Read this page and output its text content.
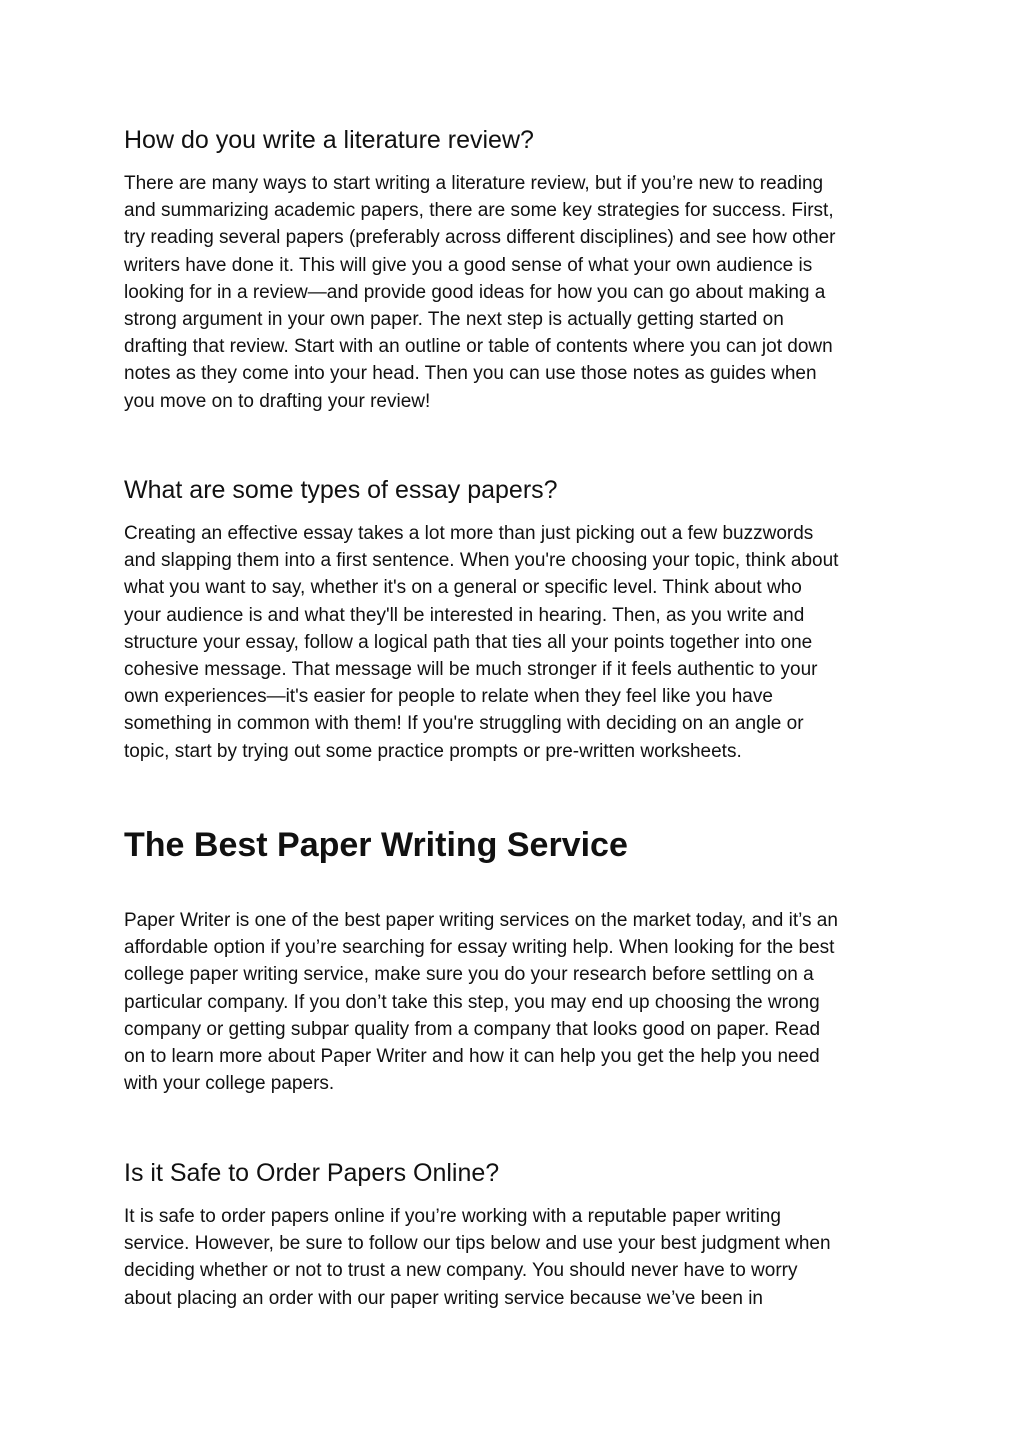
How do you write a literature review?

There are many ways to start writing a literature review, but if you’re new to reading
and summarizing academic papers, there are some key strategies for success. First,
try reading several papers (preferably across different disciplines) and see how other
writers have done it. This will give you a good sense of what your own audience is
looking for in a review—and provide good ideas for how you can go about making a
strong argument in your own paper. The next step is actually getting started on
drafting that review. Start with an outline or table of contents where you can jot down
notes as they come into your head. Then you can use those notes as guides when
you move on to drafting your review!

What are some types of essay papers?

Creating an effective essay takes a lot more than just picking out a few buzzwords
and slapping them into a first sentence. When you're choosing your topic, think about
what you want to say, whether it's on a general or specific level. Think about who
your audience is and what they'll be interested in hearing. Then, as you write and
structure your essay, follow a logical path that ties all your points together into one
cohesive message. That message will be much stronger if it feels authentic to your
own experiences—it's easier for people to relate when they feel like you have
something in common with them! If you're struggling with deciding on an angle or
topic, start by trying out some practice prompts or pre-written worksheets.

The Best Paper Writing Service

Paper Writer is one of the best paper writing services on the market today, and it’s an
affordable option if you’re searching for essay writing help. When looking for the best
college paper writing service, make sure you do your research before settling on a
particular company. If you don’t take this step, you may end up choosing the wrong
company or getting subpar quality from a company that looks good on paper. Read
on to learn more about Paper Writer and how it can help you get the help you need
with your college papers.

Is it Safe to Order Papers Online?

It is safe to order papers online if you’re working with a reputable paper writing
service. However, be sure to follow our tips below and use your best judgment when
deciding whether or not to trust a new company. You should never have to worry
about placing an order with our paper writing service because we’ve been in
